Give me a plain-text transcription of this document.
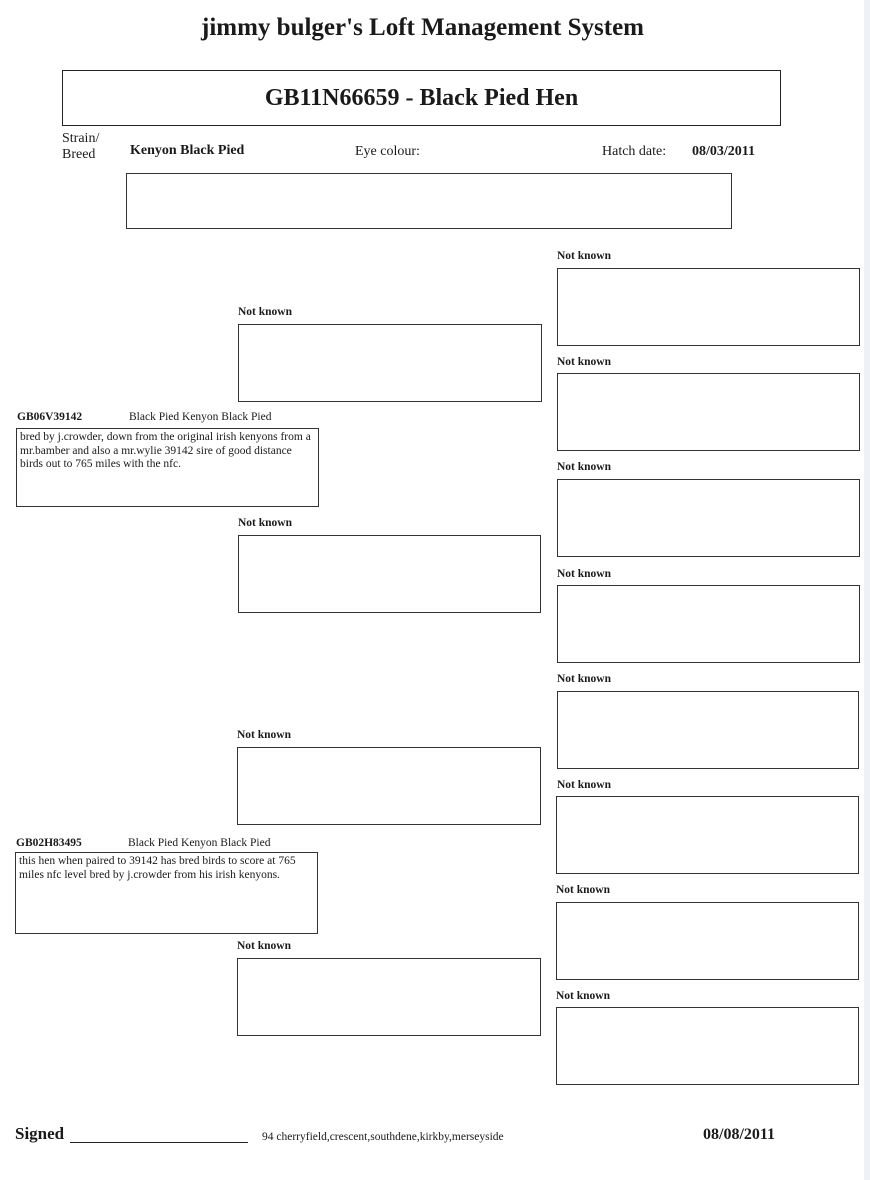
jimmy bulger's Loft Management System
GB11N66659 - Black Pied Hen
Strain/
Breed Kenyon Black Pied	Eye colour:	Hatch date: 08/03/2011
GB06V39142	Black Pied Kenyon Black Pied
bred by j.crowder, down from the original irish kenyons from a mr.bamber and also a mr.wylie 39142 sire of good distance birds out to 765 miles with the nfc.
GB02H83495	Black Pied Kenyon Black Pied
this hen when paired to 39142 has bred birds to score at 765 miles nfc level bred by j.crowder from his irish kenyons.
Not known
Not known
Not known
Not known
Not known
Not known
Not known
Not known
Not known
Not known
Not known
Not known
Signed	94 cherryfield,crescent,southdene,kirkby,merseyside	08/08/2011
